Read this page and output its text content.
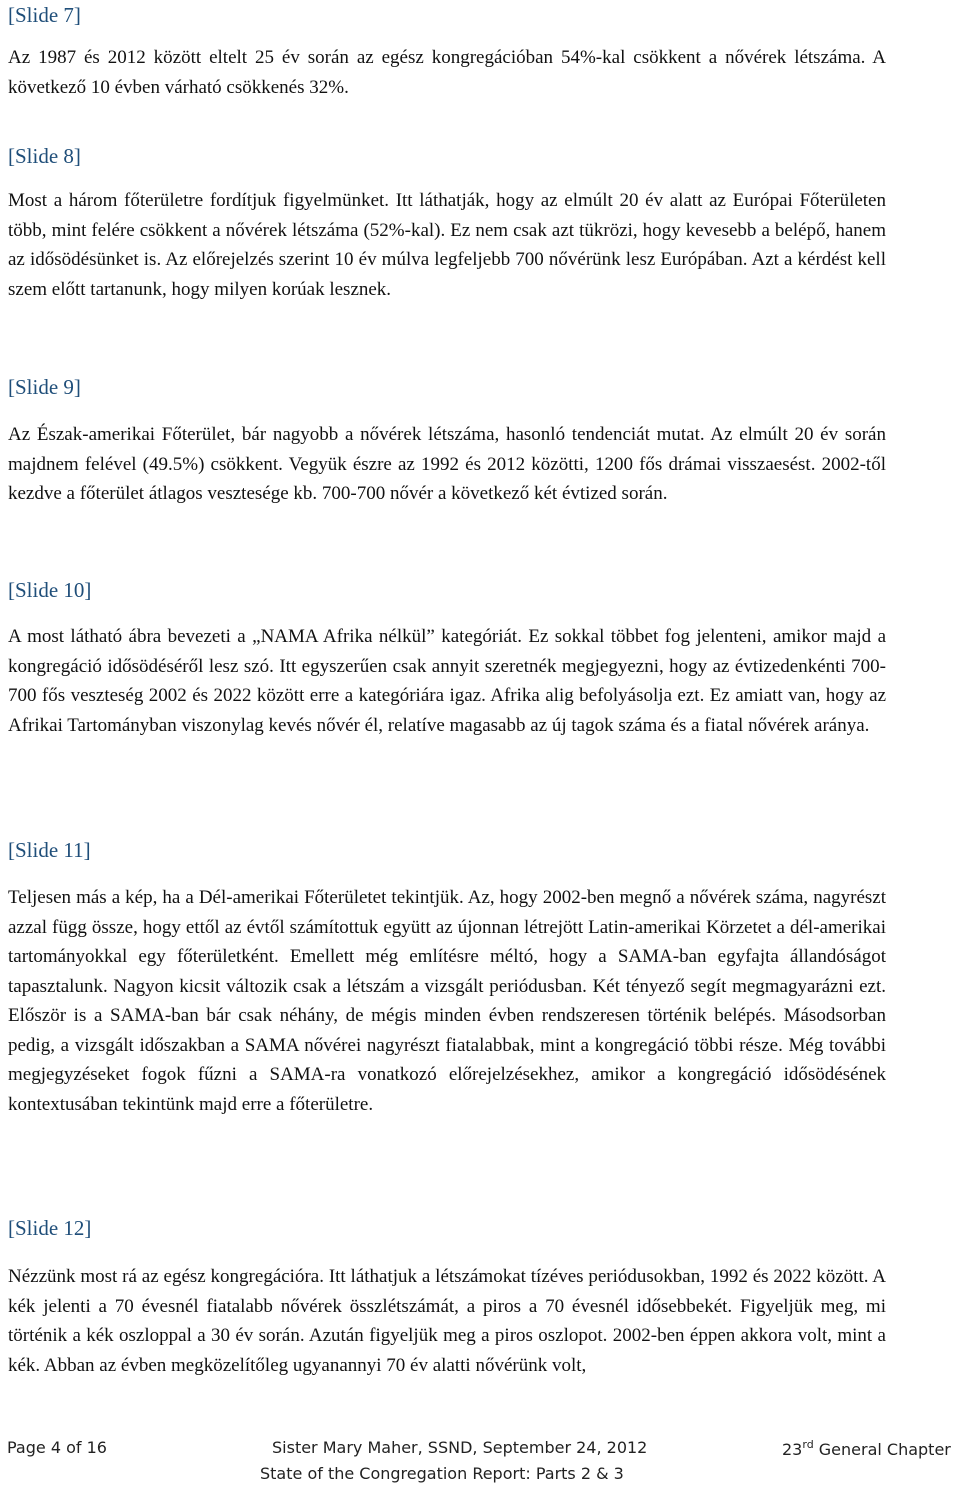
[Slide 7]

Az 1987 és 2012 között eltelt 25 év során az egész kongregációban 54%-kal csökkent a nővérek létszáma. A következő 10 évben várható csökkenés 32%.

[Slide 8]

Most a három főterületre fordítjuk figyelmünket. Itt láthatják, hogy az elmúlt 20 év alatt az Európai Főterületen több, mint felére csökkent a nővérek létszáma (52%-kal). Ez nem csak azt tükrözi, hogy kevesebb a belépő, hanem az idősödésünket is. Az előrejelzés szerint 10 év múlva legfeljebb 700 nővérünk lesz Európában. Azt a kérdést kell szem előtt tartanunk, hogy milyen korúak lesznek.

[Slide 9]

Az Észak-amerikai Főterület, bár nagyobb a nővérek létszáma, hasonló tendenciát mutat. Az elmúlt 20 év során majdnem felével (49.5%) csökkent. Vegyük észre az 1992 és 2012 közötti, 1200 fős drámai visszaesést. 2002-től kezdve a főterület átlagos vesztesége kb. 700-700 nővér a következő két évtized során.

[Slide 10]

A most látható ábra bevezeti a „NAMA Afrika nélkül” kategóriát. Ez sokkal többet fog jelenteni, amikor majd a kongregáció idősödéséről lesz szó. Itt egyszerűen csak annyit szeretnék megjegyezni, hogy az évtizedenkénti 700-700 fős veszteség 2002 és 2022 között erre a kategóriára igaz. Afrika alig befolyásolja ezt. Ez amiatt van, hogy az Afrikai Tartományban viszonylag kevés nővér él, relatíve magasabb az új tagok száma és a fiatal nővérek aránya.

[Slide 11]

Teljesen más a kép, ha a Dél-amerikai Főterületet tekintjük. Az, hogy 2002-ben megnő a nővérek száma, nagyrészt azzal függ össze, hogy ettől az évtől számítottuk együtt az újonnan létrejött Latin-amerikai Körzetet a dél-amerikai tartományokkal egy főterületként. Emellett még említésre méltó, hogy a SAMA-ban egyfajta állandóságot tapasztalunk. Nagyon kicsit változik csak a létszám a vizsgált periódusban. Két tényező segít megmagyarázni ezt. Először is a SAMA-ban bár csak néhány, de mégis minden évben rendszeresen történik belépés. Másodsorban pedig, a vizsgált időszakban a SAMA nővérei nagyrészt fiatalabbak, mint a kongregáció többi része. Még további megjegyzéseket fogok fűzni a SAMA-ra vonatkozó előrejelzésekhez, amikor a kongregáció idősödésének kontextusában tekintünk majd erre a főterületre.

[Slide 12]

Nézzünk most rá az egész kongregációra. Itt láthatjuk a létszámokat tízéves periódusokban, 1992 és 2022 között. A kék jelenti a 70 évesnél fiatalabb nővérek összlétszámát, a piros a 70 évesnél idősebbekét. Figyeljük meg, mi történik a kék oszloppal a 30 év során. Azután figyeljük meg a piros oszlopot. 2002-ben éppen akkora volt, mint a kék. Abban az évben megközelítőleg ugyanannyi 70 év alatti nővérünk volt,

Page 4 of 16	Sister Mary Maher, SSND, September 24, 2012	23rd General Chapter
State of the Congregation Report: Parts 2 & 3
